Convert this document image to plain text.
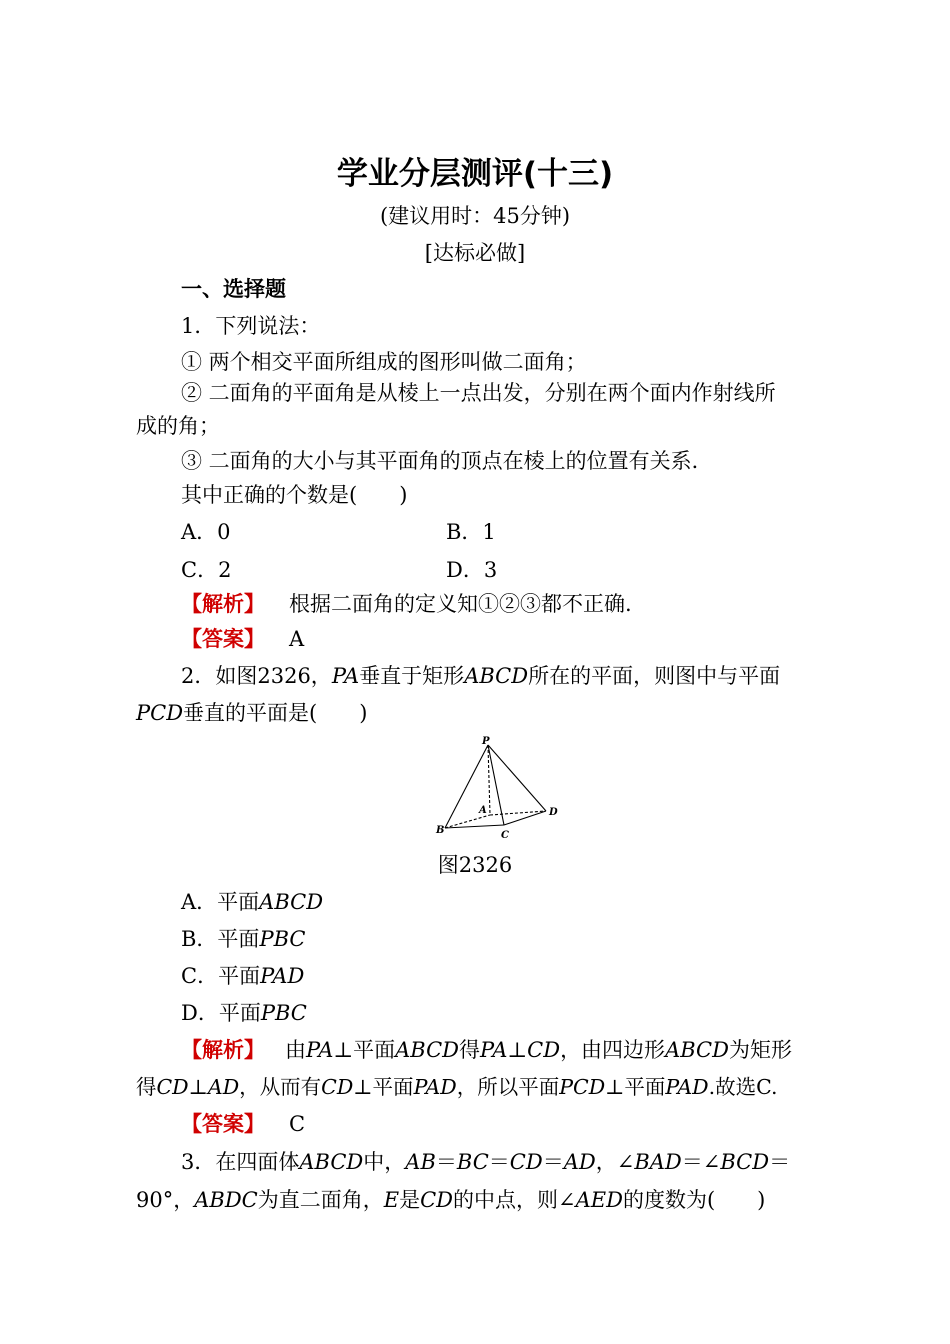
学业分层测评(十三)
(建议用时：45分钟)
[达标必做]
一、选择题
1．下列说法：
① 两个相交平面所组成的图形叫做二面角；
② 二面角的平面角是从棱上一点出发，分别在两个面内作射线所
成的角；
③ 二面角的大小与其平面角的顶点在棱上的位置有关系．
其中正确的个数是(　　)
A．0	B．1
C．2	D．3
【解析】 根据二面角的定义知①②③都不正确.
【答案】 A
2．如图2326，PA垂直于矩形ABCD所在的平面，则图中与平面
PCD垂直的平面是(　　)
P
A
B	C
D
图2326
A．平面ABCD
B．平面PBC
C．平面PAD
D．平面PBC
【解析】 由PA⊥平面ABCD得PA⊥CD，由四边形ABCD为矩形
得CD⊥AD，从而有CD⊥平面PAD，所以平面PCD⊥平面PAD.故选C.
【答案】 C
3．在四面体ABCD中，AB＝BC＝CD＝AD，∠BAD＝∠BCD＝
90°，ABDC为直二面角，E是CD的中点，则∠AED的度数为(　　)
